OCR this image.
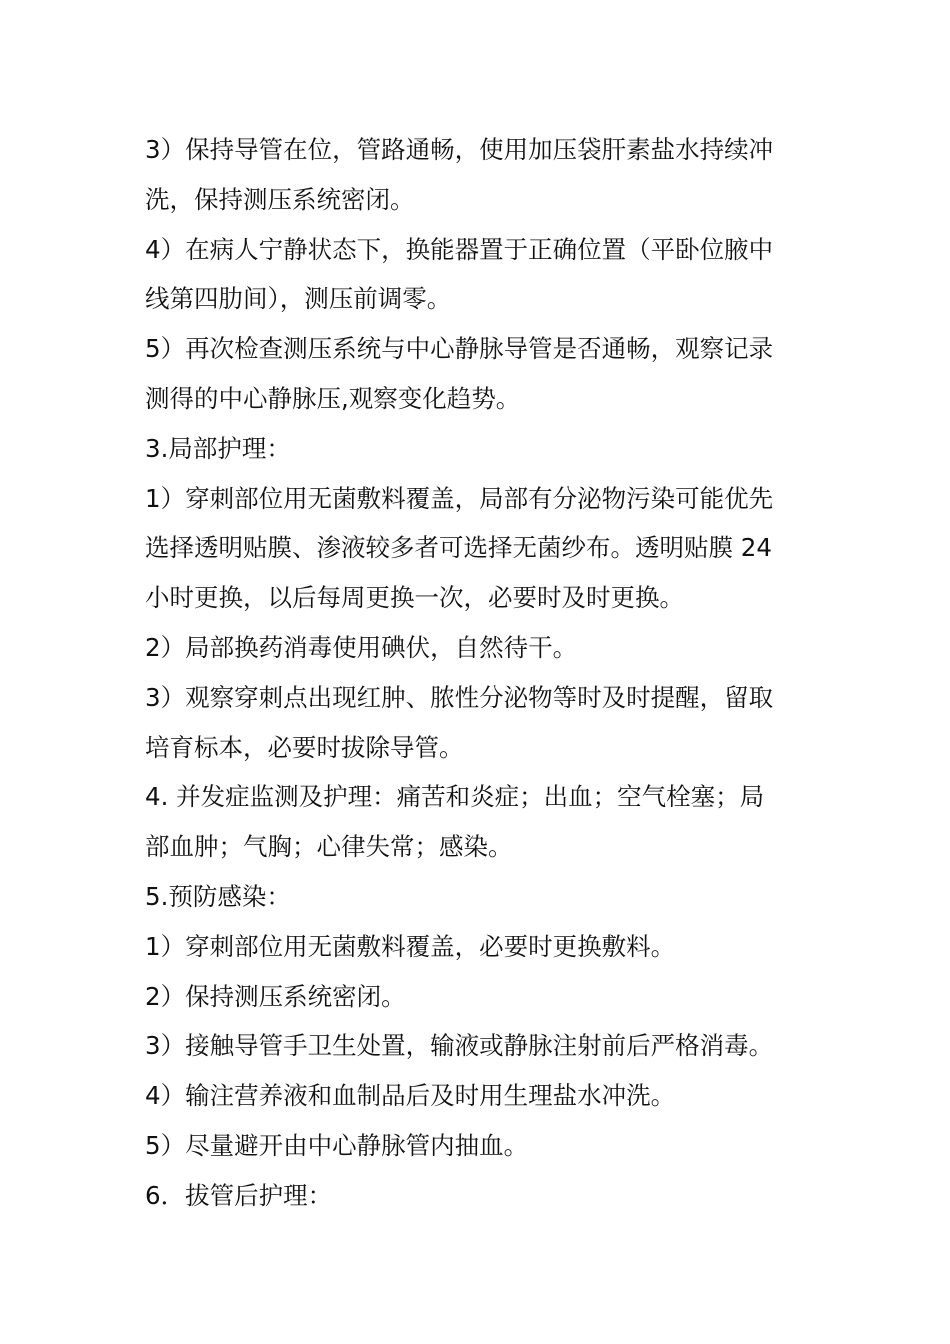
3）保持导管在位，管路通畅，使用加压袋肝素盐水持续冲
洗，保持测压系统密闭。

4）在病人宁静状态下，换能器置于正确位置（平卧位腋中
线第四肋间），测压前调零。

5）再次检查测压系统与中心静脉导管是否通畅，观察记录
测得的中心静脉压,观察变化趋势。

3.局部护理：

1）穿刺部位用无菌敷料覆盖，局部有分泌物污染可能优先
选择透明贴膜、渗液较多者可选择无菌纱布。透明贴膜 24
小时更换，以后每周更换一次，必要时及时更换。

2）局部换药消毒使用碘伏，自然待干。

3）观察穿刺点出现红肿、脓性分泌物等时及时提醒，留取
培育标本，必要时拔除导管。

4. 并发症监测及护理：痛苦和炎症；出血；空气栓塞；局
部血肿；气胸；心律失常；感染。

5.预防感染：

1）穿刺部位用无菌敷料覆盖，必要时更换敷料。

2）保持测压系统密闭。

3）接触导管手卫生处置，输液或静脉注射前后严格消毒。

4）输注营养液和血制品后及时用生理盐水冲洗。

5）尽量避开由中心静脉管内抽血。

6．拔管后护理：
